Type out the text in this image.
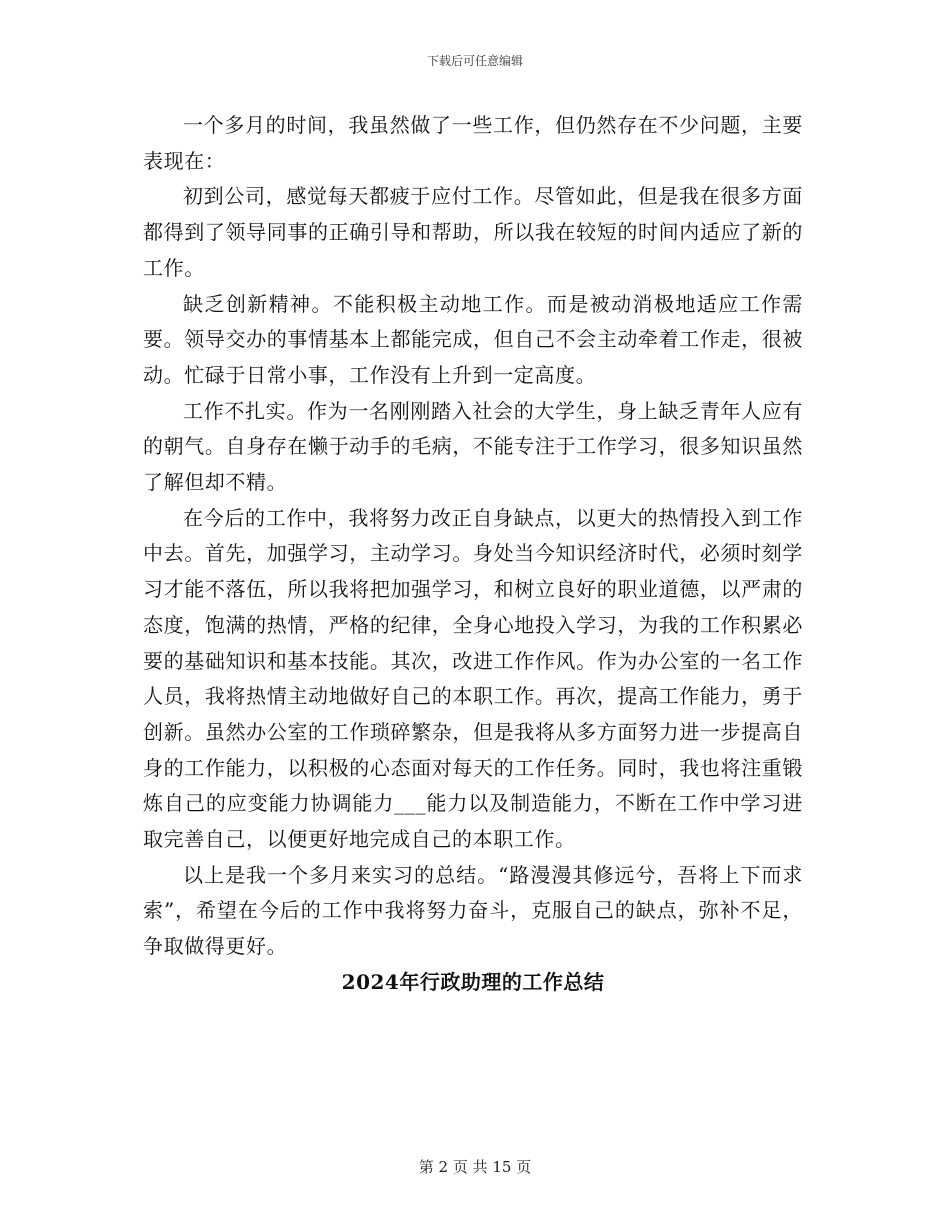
下载后可任意编辑

一个多月的时间，我虽然做了一些工作，但仍然存在不少问题，主要表现在：

初到公司，感觉每天都疲于应付工作。尽管如此，但是我在很多方面都得到了领导同事的正确引导和帮助，所以我在较短的时间内适应了新的工作。

缺乏创新精神。不能积极主动地工作。而是被动消极地适应工作需要。领导交办的事情基本上都能完成，但自己不会主动牵着工作走，很被动。忙碌于日常小事，工作没有上升到一定高度。

工作不扎实。作为一名刚刚踏入社会的大学生，身上缺乏青年人应有的朝气。自身存在懒于动手的毛病，不能专注于工作学习，很多知识虽然了解但却不精。

在今后的工作中，我将努力改正自身缺点，以更大的热情投入到工作中去。首先，加强学习，主动学习。身处当今知识经济时代，必须时刻学习才能不落伍，所以我将把加强学习，和树立良好的职业道德，以严肃的态度，饱满的热情，严格的纪律，全身心地投入学习，为我的工作积累必要的基础知识和基本技能。其次，改进工作作风。作为办公室的一名工作人员，我将热情主动地做好自己的本职工作。再次，提高工作能力，勇于创新。虽然办公室的工作琐碎繁杂，但是我将从多方面努力进一步提高自身的工作能力，以积极的心态面对每天的工作任务。同时，我也将注重锻炼自己的应变能力协调能力___能力以及制造能力，不断在工作中学习进取完善自己，以便更好地完成自己的本职工作。

以上是我一个多月来实习的总结。“路漫漫其修远兮，吾将上下而求索”，希望在今后的工作中我将努力奋斗，克服自己的缺点，弥补不足，争取做得更好。

2024年行政助理的工作总结

第 2 页 共 15 页
